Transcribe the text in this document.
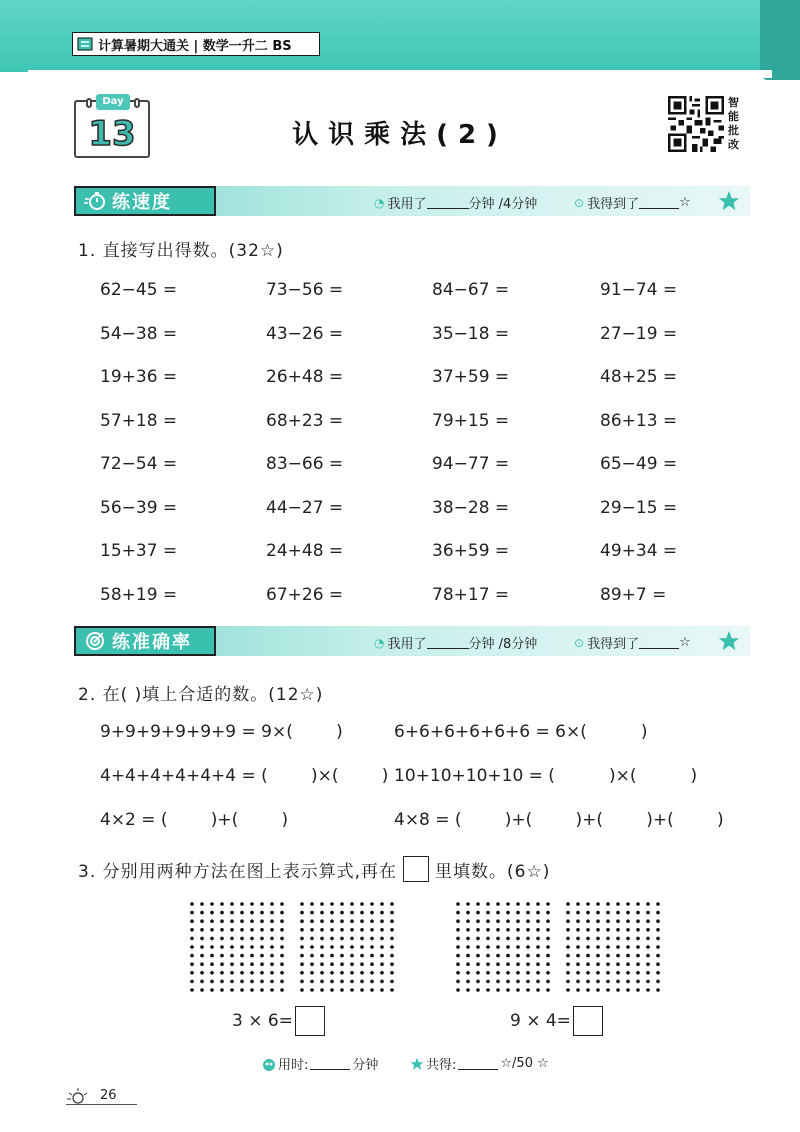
计算暑期大通关 | 数学一升二 BS
Day
13	认识乘法(2)
智
能
批
改
练速度	◔ 我用了	分钟 /4分钟	⊙ 我得到了	☆
1. 直接写出得数。(32☆)
62−45 =	73−56 =	84−67 =	91−74 =
54−38 =	43−26 =	35−18 =	27−19 =
19+36 =	26+48 =	37+59 =	48+25 =
57+18 =	68+23 =	79+15 =	86+13 =
72−54 =	83−66 =	94−77 =	65−49 =
56−39 =	44−27 =	38−28 =	29−15 =
15+37 =	24+48 =	36+59 =	49+34 =
58+19 =	67+26 =	78+17 =	89+7 =
练准确率	◔ 我用了	分钟 /8分钟	⊙ 我得到了	☆
2. 在( )填上合适的数。(12☆)
9+9+9+9+9+9 = 9×(        )	6+6+6+6+6+6 = 6×(          )
4+4+4+4+4+4 = (        )×(        ) 10+10+10+10 = (          )×(          )
4×2 = (        )+(        )	4×8 = (        )+(        )+(        )+(        )
3. 分别用两种方法在图上表示算式,再在 里填数。(6☆)
3 × 6=	9 × 4=
用时:	分钟	共得:	☆/50 ☆
26
